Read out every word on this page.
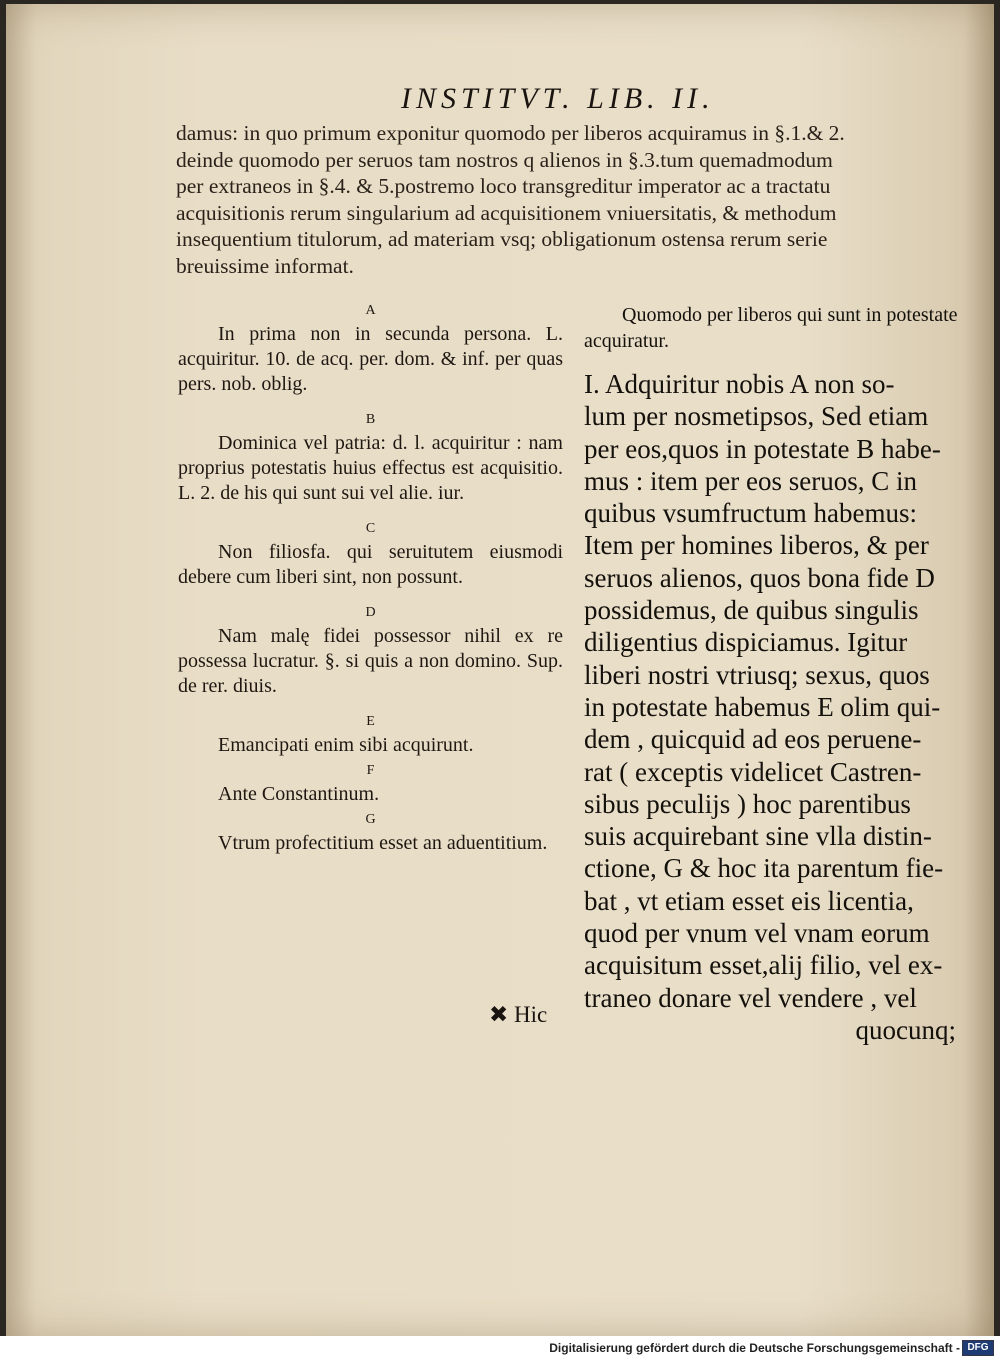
INSTITVT. LIB. II.
damus: in quo primum exponitur quomodo per liberos acquiramus in §.1.& 2.
deinde quomodo per seruos tam nostros q alienos in §.3.tum quemadmodum
per extraneos in §.4. & 5.postremo loco transgreditur imperator ac a tractatu
acquisitionis rerum singularium ad acquisitionem vniuersitatis, & methodum
insequentium titulorum, ad materiam vsq; obligationum ostensa rerum serie
breuissime informat.
A
In prima non in secunda persona. L. acquiritur. 10. de acq. per. dom. & inf. per quas pers. nob. oblig.
B
Dominica vel patria: d. l. acquiritur : nam proprius potestatis huius effectus est acquisitio. L. 2. de his qui sunt sui vel alie. iur.
C
Non filiosfa. qui seruitutem eiusmodi debere cum liberi sint, non possunt.
D
Nam malę fidei possessor nihil ex re possessa lucratur. §. si quis a non domino. Sup. de rer. diuis.
E
Emancipati enim sibi acquirunt.
F
Ante Constantinum.
G
Vtrum profectitium esset an aduentitium.
✖ Hic
Quomodo per liberos qui sunt in potestate acquiratur.
I. Adquiritur nobis A non so-
lum per nosmetipsos, Sed etiam
per eos,quos in potestate B habe-
mus : item per eos seruos, C in
quibus vsumfructum habemus:
Item per homines liberos, & per
seruos alienos, quos bona fide D
possidemus, de quibus singulis
diligentius dispiciamus. Igitur
liberi nostri vtriusq; sexus, quos
in potestate habemus E olim qui-
dem , quicquid ad eos peruene-
rat ( exceptis videlicet Castren-
sibus peculijs ) hoc parentibus
suis acquirebant sine vlla distin-
ctione, G & hoc ita parentum fie-
bat , vt etiam esset eis licentia,
quod per vnum vel vnam eorum
acquisitum esset,alij filio, vel ex-
traneo donare vel vendere , vel
quocunq;
Digitalisierung gefördert durch die Deutsche Forschungsgemeinschaft - DFG
